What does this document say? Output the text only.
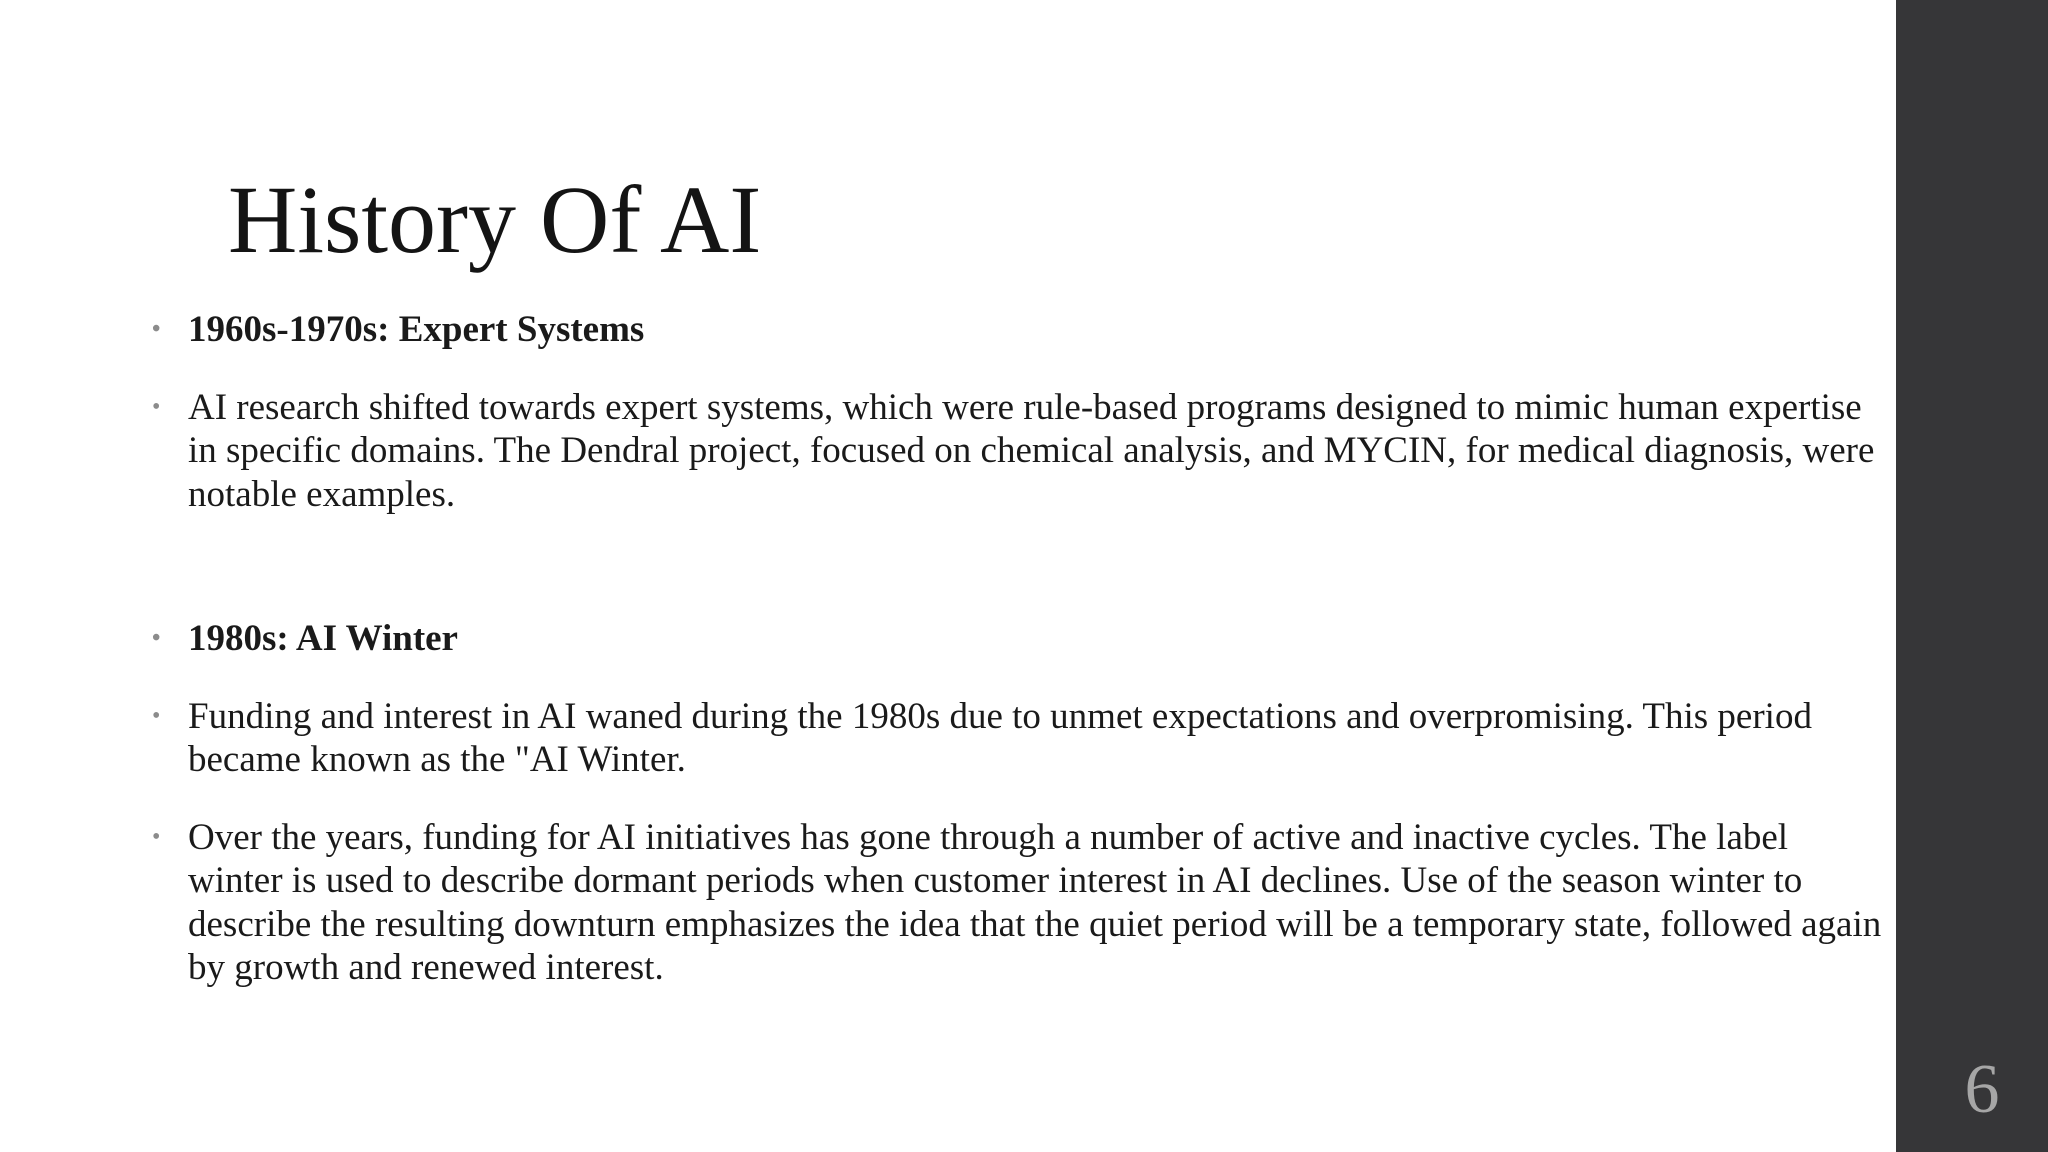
History Of AI
• 1960s-1970s: Expert Systems
• AI research shifted towards expert systems, which were rule-based programs designed to mimic human expertise in specific domains. The Dendral project, focused on chemical analysis, and MYCIN, for medical diagnosis, were notable examples.
• 1980s: AI Winter
• Funding and interest in AI waned during the 1980s due to unmet expectations and overpromising. This period became known as the "AI Winter.
• Over the years, funding for AI initiatives has gone through a number of active and inactive cycles. The label winter is used to describe dormant periods when customer interest in AI declines. Use of the season winter to describe the resulting downturn emphasizes the idea that the quiet period will be a temporary state, followed again by growth and renewed interest.
6
